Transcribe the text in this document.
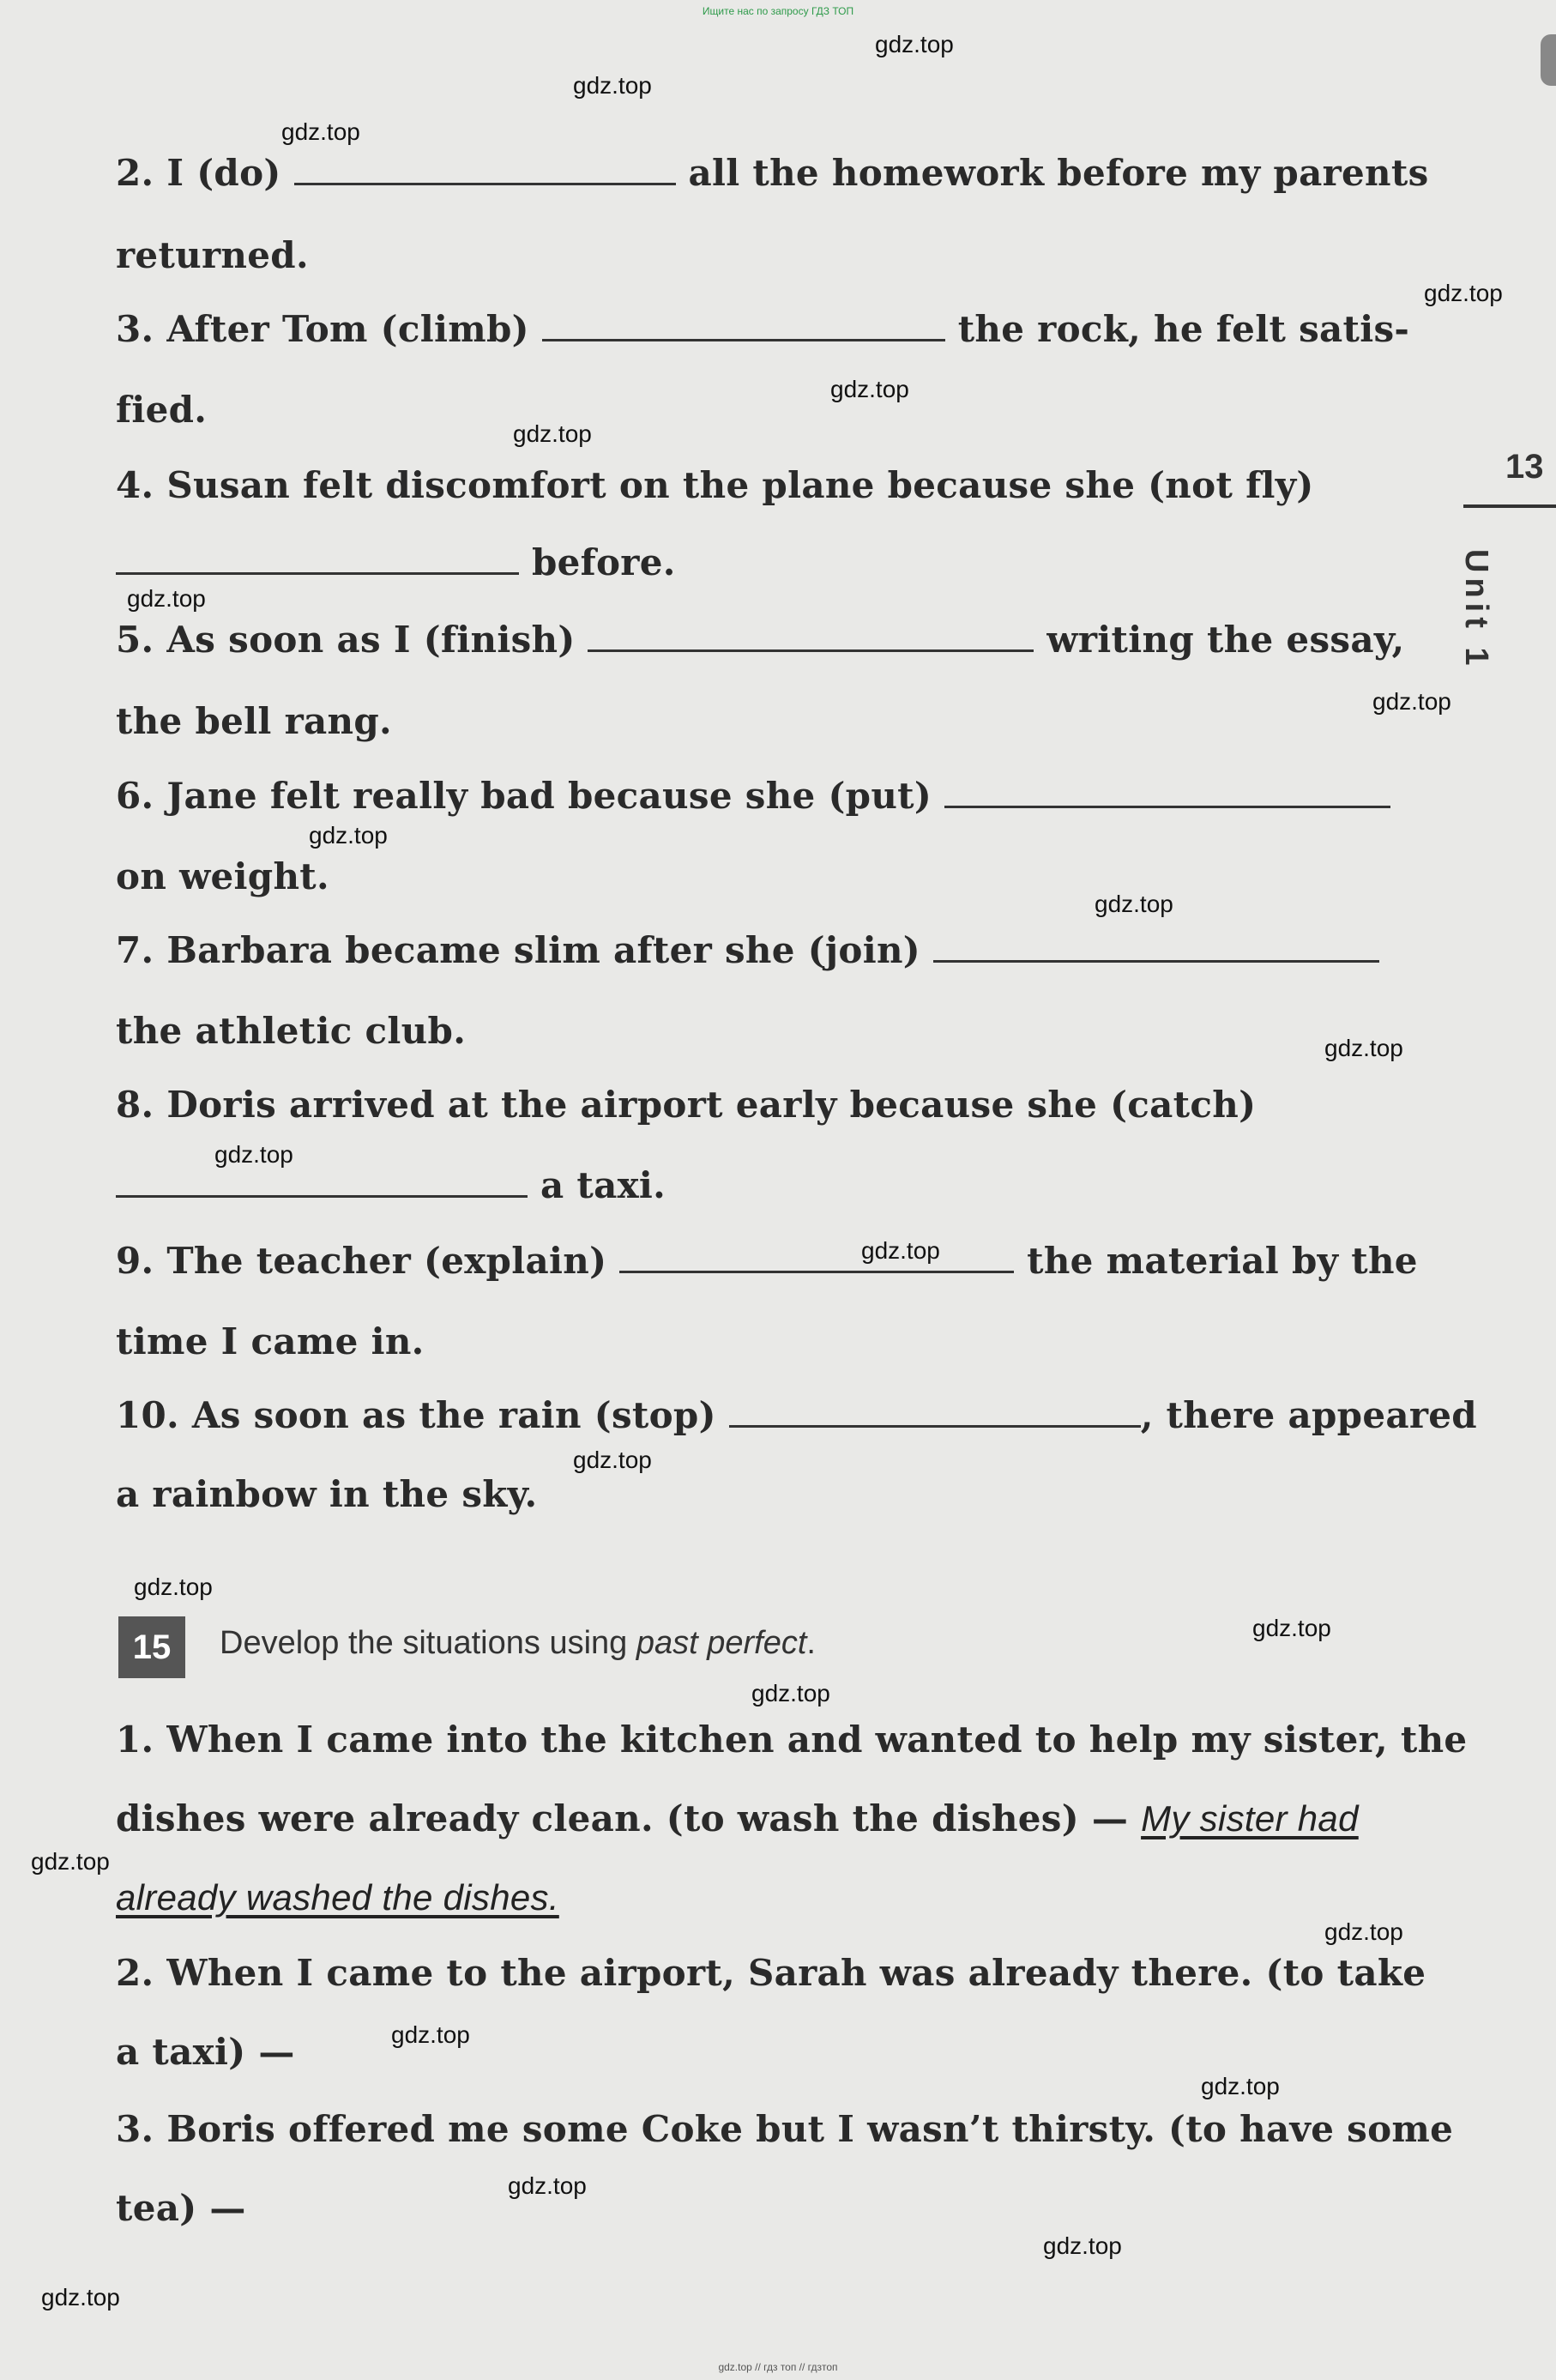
Ищите нас по запросу ГДЗ ТОП
13
Unit 1
2. I (do)	all the homework before my parents
returned.
3. After Tom (climb)	the rock, he felt satis-
fied.
4. Susan felt discomfort on the plane because she (not fly)
before.
5. As soon as I (finish)	writing the essay,
the bell rang.
6. Jane felt really bad because she (put)
on weight.
7. Barbara became slim after she (join)
the athletic club.
8. Doris arrived at the airport early because she (catch)
a taxi.
9. The teacher (explain)	the material by the
time I came in.
10. As soon as the rain (stop)	, there appeared
a rainbow in the sky.
15	Develop the situations using past perfect.
1. When I came into the kitchen and wanted to help my sister, the
dishes were already clean. (to wash the dishes) — My sister had
already washed the dishes.
2. When I came to the airport, Sarah was already there. (to take
a taxi) —
3. Boris offered me some Coke but I wasn’t thirsty. (to have some
tea) —
gdz.top
gdz.top
gdz.top
gdz.top
gdz.top
gdz.top
gdz.top
gdz.top
gdz.top
gdz.top
gdz.top
gdz.top
gdz.top
gdz.top
gdz.top
gdz.top
gdz.top
gdz.top
gdz.top
gdz.top
gdz.top
gdz.top
gdz.top
gdz.top
gdz.top // гдз топ // гдзтоп
